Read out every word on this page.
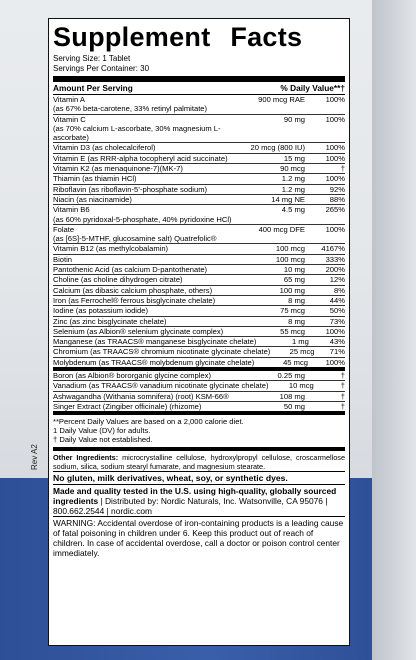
Rev A2
Supplement Facts
Serving Size: 1 Tablet
Servings Per Container: 30
Amount Per Serving	% Daily Value**†
Vitamin A
(as 67% beta-carotene, 33% retinyl palmitate)
900 mcg RAE	100%
Vitamin C
(as 70% calcium L-ascorbate, 30% magnesium L-ascorbate)
90 mg	100%
Vitamin D3 (as cholecalciferol)	20 mcg (800 IU)	100%
Vitamin E (as RRR-alpha tocopheryl acid succinate)	15 mg	100%
Vitamin K2 (as menaquinone-7)(MK-7)	90 mcg	†
Thiamin (as thiamin HCl)	1.2 mg	100%
Riboflavin (as riboflavin-5’-phosphate sodium)	1.2 mg	92%
Niacin (as niacinamide)	14 mg NE	88%
Vitamin B6
(as 60% pyridoxal-5-phosphate, 40% pyridoxine HCl)
4.5 mg	265%
Folate
(as [6S]-5-MTHF, glucosamine salt) Quatrefolic®
400 mcg DFE	100%
Vitamin B12 (as methylcobalamin)	100 mcg	4167%
Biotin	100 mcg	333%
Pantothenic Acid (as calcium D-pantothenate)	10 mg	200%
Choline (as choline dihydrogen citrate)	65 mg	12%
Calcium (as dibasic calcium phosphate, others)	100 mg	8%
Iron (as Ferrochel® ferrous bisglycinate chelate)	8 mg	44%
Iodine (as potassium iodide)	75 mcg	50%
Zinc (as zinc bisglycinate chelate)	8 mg	73%
Selenium (as Albion® selenium glycinate complex)	55 mcg	100%
Manganese (as TRAACS® manganese bisglycinate chelate)	1 mg	43%
Chromium (as TRAACS® chromium nicotinate glycinate chelate)	25 mcg	71%
Molybdenum (as TRAACS® molybdenum glycinate chelate)	45 mcg	100%
Boron (as Albion® bororganic glycine complex)	0.25 mg	†
Vanadium (as TRAACS® vanadium nicotinate glycinate chelate)	10 mcg	†
Ashwagandha (Withania somnifera) (root) KSM-66®	108 mg	†
Singer Extract (Zingiber officinale) (rhizome)	50 mg	†
**Percent Daily Values are based on a 2,000 calorie diet.
1 Daily Value (DV) for adults.
† Daily Value not established.
Other Ingredients: microcrystalline cellulose, hydroxylpropyl cellulose, croscarmellose sodium, silica, sodium stearyl fumarate, and magnesium stearate.
No gluten, milk derivatives, wheat, soy, or synthetic dyes.
Made and quality tested in the U.S. using high-quality, globally sourced ingredients | Distributed by: Nordic Naturals, Inc. Watsonville, CA 95076 | 800.662.2544 | nordic.com
WARNING: Accidental overdose of iron-containing products is a leading cause of fatal poisoning in children under 6. Keep this product out of reach of children. In case of accidental overdose, call a doctor or poison control center immediately.
